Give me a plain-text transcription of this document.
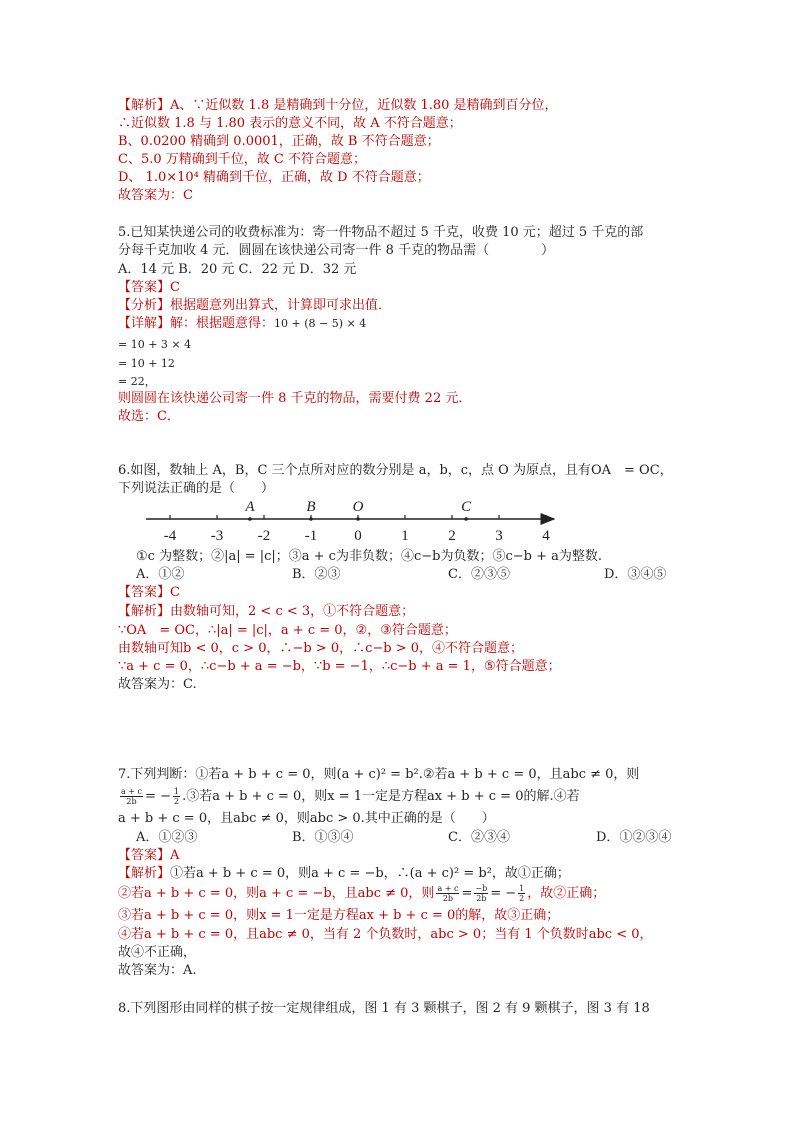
【解析】A、∵近似数 1.8 是精确到十分位，近似数 1.80 是精确到百分位，
∴近似数 1.8 与 1.80 表示的意义不同，故 A 不符合题意；
B、0.0200 精确到 0.0001，正确，故 B 不符合题意；
C、5.0 万精确到千位，故 C 不符合题意；
D、 1.0×10⁴ 精确到千位，正确，故 D 不符合题意；
故答案为：C
5.已知某快递公司的收费标准为：寄一件物品不超过 5 千克，收费 10 元；超过 5 千克的部
分每千克加收 4 元．圆圆在该快递公司寄一件 8 千克的物品需（　　　　）
A．14 元 B．20 元 C．22 元 D．32 元
【答案】C
【分析】根据题意列出算式，计算即可求出值．
【详解】解：根据题意得：10 + (8 − 5) × 4
= 10 + 3 × 4
= 10 + 12
= 22，
则圆圆在该快递公司寄一件 8 千克的物品，需要付费 22 元．
故选：C．
6.如图，数轴上 A，B，C 三个点所对应的数分别是 a，b，c，点 O 为原点，且有OA　= OC，
下列说法正确的是（　　）
-4 -3 -2 -1 0	1	2	3	4
A	B O	C
①c 为整数；②|a| = |c|；③a + c为非负数；④c−b为负数；⑤c−b + a为整数.
A．①②	B．②③	C．②③⑤	D．③④⑤
【答案】C
【解析】由数轴可知，2 < c < 3，①不符合题意；
∵OA　= OC，∴|a| = |c|，a + c = 0，②，③符合题意；
由数轴可知b < 0，c > 0，∴−b > 0，∴c−b > 0，④不符合题意；
∵a + c = 0，∴c−b + a = −b，∵b = −1，∴c−b + a = 1，⑤符合题意；
故答案为：C.
7.下列判断：①若a + b + c = 0，则(a + c)² = b².②若a + b + c = 0，且abc ≠ 0，则
$\frac{a + c}{2b}$ = − $\frac{1}{2}$ .③若a + b + c = 0，则x = 1一定是方程ax + b + c = 0的解.④若
a + b + c = 0，且abc ≠ 0，则abc > 0.其中正确的是（　　）
A．①②③	B．①③④	C．②③④	D．①②③④
【答案】A
【解析】①若a + b + c = 0，则a + c = −b，∴(a + c)² = b²，故①正确；
②若a + b + c = 0，则a + c = −b，且abc ≠ 0，则 $\frac{a + c}{2b} = \frac{-b}{2b}$ = − $\frac{1}{2}$ ，故②正确；
③若a + b + c = 0，则x = 1一定是方程ax + b + c = 0的解，故③正确；
④若a + b + c = 0，且abc ≠ 0，当有 2 个负数时，abc > 0；当有 1 个负数时abc < 0，
故④不正确，
故答案为：A.
8.下列图形由同样的棋子按一定规律组成，图 1 有 3 颗棋子，图 2 有 9 颗棋子，图 3 有 18
